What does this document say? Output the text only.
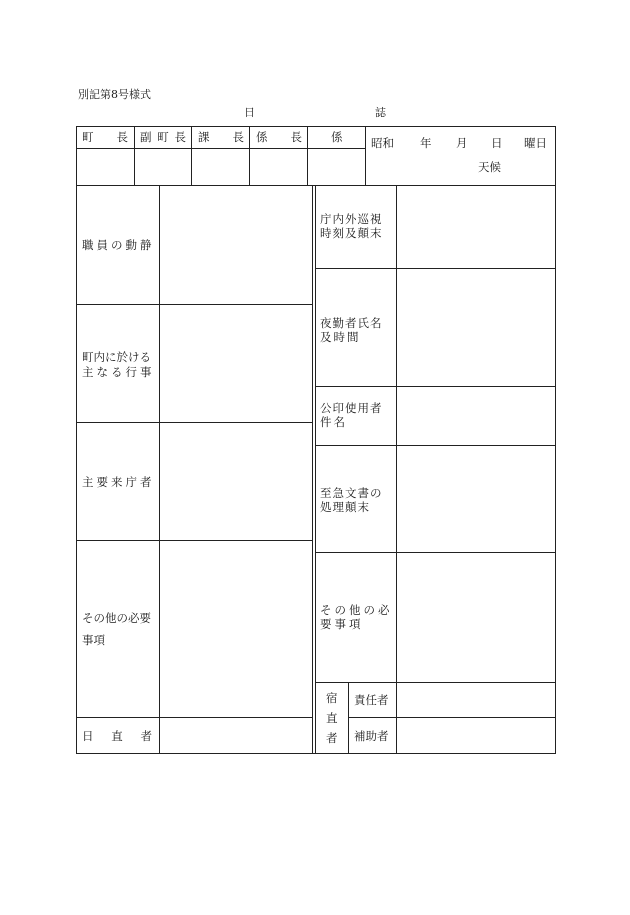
別記第8号様式
日	誌
町 長 副 町 長 課 長 係 長	係 昭和 年 月 日 曜日
天候
職員の動静
町内に於ける
主なる行事
主要来庁者
その他の必要
事項
日 直 者
庁内外巡視
時刻及顛末
夜勤者氏名
及時間
公印使用者
件名
至急文書の
処理顛末
その他の必
要事項
宿
直
者
責任者
補助者
